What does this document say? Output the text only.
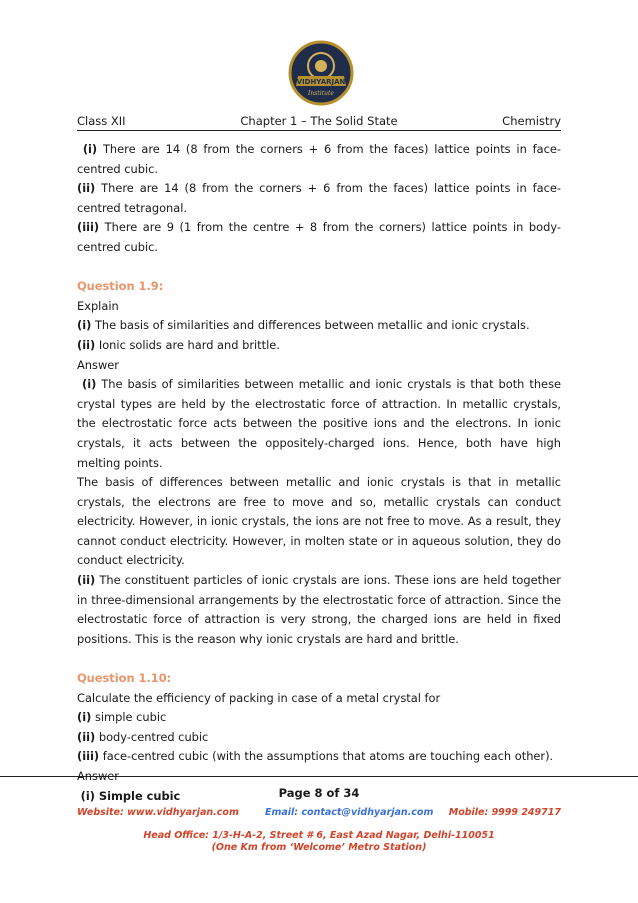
VIDHYARJAN
Institute
Class XII	Chapter 1 – The Solid State	Chemistry

(i) There are 14 (8 from the corners + 6 from the faces) lattice points in face-centred cubic.

(ii) There are 14 (8 from the corners + 6 from the faces) lattice points in face-centred tetragonal.

(iii) There are 9 (1 from the centre + 8 from the corners) lattice points in body-centred cubic.

Question 1.9:

Explain

(i) The basis of similarities and differences between metallic and ionic crystals.

(ii) Ionic solids are hard and brittle.

Answer

(i) The basis of similarities between metallic and ionic crystals is that both these crystal types are held by the electrostatic force of attraction. In metallic crystals, the electrostatic force acts between the positive ions and the electrons. In ionic crystals, it acts between the oppositely-charged ions. Hence, both have high melting points.

The basis of differences between metallic and ionic crystals is that in metallic crystals, the electrons are free to move and so, metallic crystals can conduct electricity. However, in ionic crystals, the ions are not free to move. As a result, they cannot conduct electricity. However, in molten state or in aqueous solution, they do conduct electricity.

(ii) The constituent particles of ionic crystals are ions. These ions are held together in three-dimensional arrangements by the electrostatic force of attraction. Since the electrostatic force of attraction is very strong, the charged ions are held in fixed positions. This is the reason why ionic crystals are hard and brittle.

Question 1.10:

Calculate the efficiency of packing in case of a metal crystal for

(i) simple cubic

(ii) body-centred cubic

(iii) face-centred cubic (with the assumptions that atoms are touching each other).

Answer

(i) Simple cubic	Page 8 of 34
Website: www.vidhyarjan.com	Email: contact@vidhyarjan.com Mobile: 9999 249717
Head Office: 1/3-H-A-2, Street # 6, East Azad Nagar, Delhi-110051
(One Km from ‘Welcome’ Metro Station)
